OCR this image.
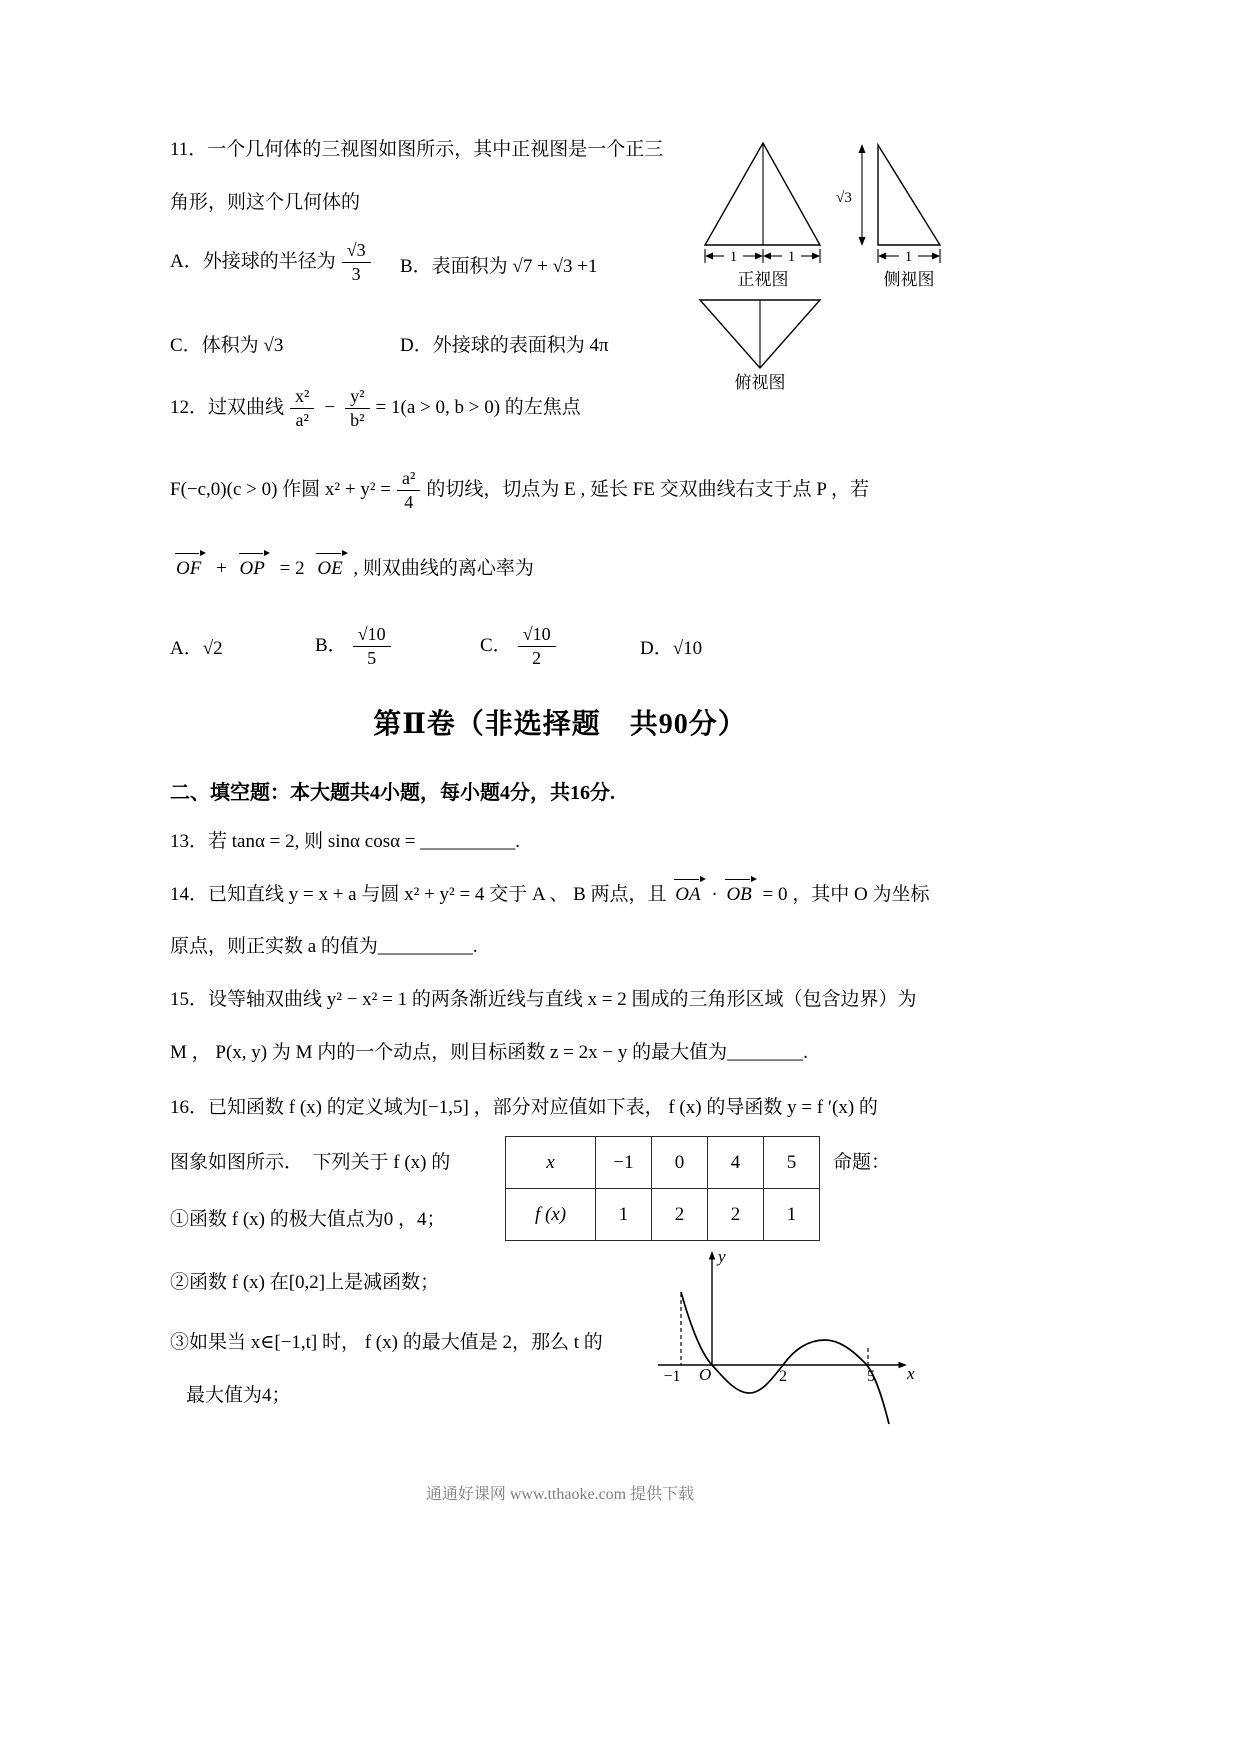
11．一个几何体的三视图如图所示，其中正视图是一个正三
角形，则这个几何体的
A．外接球的半径为 $\frac{√3}{3}$ B．表面积为 √7 + √3 +1
C．体积为 √3	D．外接球的表面积为 4π
1	1
正视图
√3
1
侧视图
俯视图
12．过双曲线 $\frac{\text{x²}}{\text{a²}} - \frac{\text{y²}}{\text{b²}} = 1(a > 0$, b > 0) 的左焦点
F(−c,0)(c > 0) 作圆 $x^2 + y^2 = \frac{\text{a²}}{4}$ 的切线，切点为 E , 延长 FE 交双曲线右支于点 P ，若
OF + OP = 2 OE , 则双曲线的离心率为
A． √2	B． $\frac{√10}{5}$	C． $\frac{√10}{2}$	D． √10
第Ⅱ卷（非选择题　共90分）
二、填空题：本大题共4小题，每小题4分，共16分.
13．若 tanα = 2, 则 sinα cosα = __________.
14．已知直线 y = x + a 与圆 x² + y² = 4 交于 A 、 B 两点，且 OA · OB = 0 ，其中 O 为坐标
原点，则正实数 a 的值为__________.
15．设等轴双曲线 y² − x² = 1 的两条渐近线与直线 x = 2 围成的三角形区域（包含边界）为
M ， P(x, y) 为 M 内的一个动点，则目标函数 z = 2x − y 的最大值为________.
16．已知函数 f (x) 的定义域为[−1,5] ，部分对应值如下表， f (x) 的导函数 y = f ′(x) 的
图象如图所示．　下列关于 f (x) 的	命题：
x	−1	0	4	5
f (x)	1	2	2	1
①函数 f (x) 的极大值点为0 ，4；
②函数 f (x) 在[0,2]上是减函数；
③如果当 x∈[−1,t] 时， f (x) 的最大值是 2，那么 t 的
最大值为4；
y
x
O
−1	2	5
通通好课网 www.tthaoke.com 提供下载
